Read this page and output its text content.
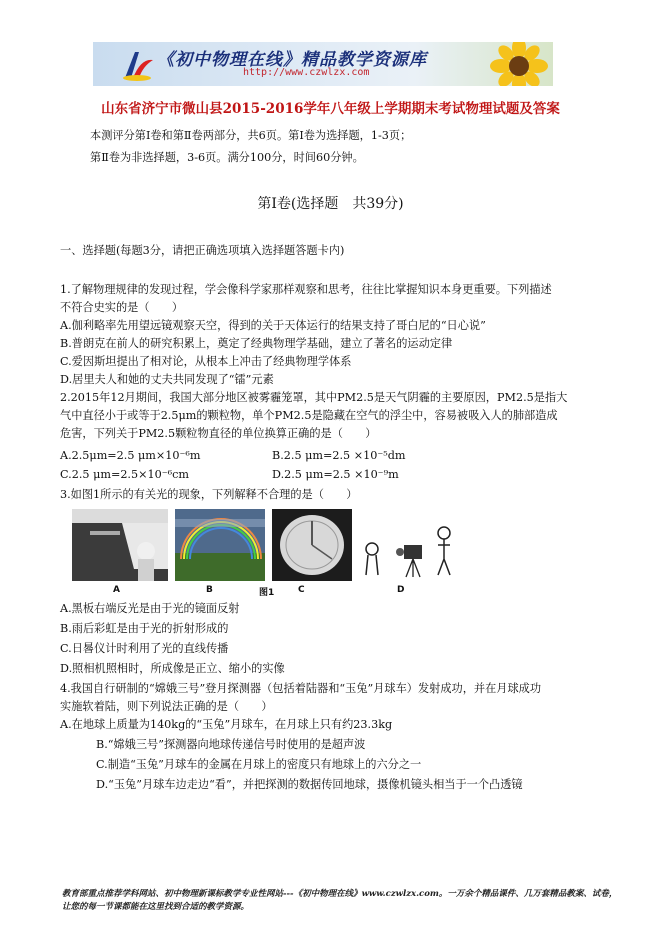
《初中物理在线》精品教学资源库
http://www.czwlzx.com
山东省济宁市微山县2015-2016学年八年级上学期期末考试物理试题及答案
本测评分第Ⅰ卷和第Ⅱ卷两部分，共6页。第Ⅰ卷为选择题，1-3页；
第Ⅱ卷为非选择题，3-6页。满分100分，时间60分钟。
第Ⅰ卷(选择题　共39分)
一、选择题(每题3分，请把正确选项填入选择题答题卡内)
1.了解物理规律的发现过程，学会像科学家那样观察和思考，往往比掌握知识本身更重要。下列描述
不符合史实的是（　　）
A.伽利略率先用望远镜观察天空，得到的关于天体运行的结果支持了哥白尼的“日心说”
B.普朗克在前人的研究积累上，奠定了经典物理学基础，建立了著名的运动定律
C.爱因斯坦提出了相对论，从根本上冲击了经典物理学体系
D.居里夫人和她的丈夫共同发现了“镭”元素
2.2015年12月期间，我国大部分地区被雾霾笼罩，其中PM2.5是天气阴霾的主要原因，PM2.5是指大
气中直径小于或等于2.5μm的颗粒物，单个PM2.5是隐藏在空气的浮尘中，容易被吸入人的肺部造成
危害，下列关于PM2.5颗粒物直径的单位换算正确的是（　　）
A.2.5μm=2.5 μm×10⁻⁶m	B.2.5 μm=2.5 ×10⁻⁵dm
C.2.5 μm=2.5×10⁻⁶cm	D.2.5 μm=2.5 ×10⁻⁹m
3.如图1所示的有关光的现象，下列解释不合理的是（　　）
A	B	图1	C	D
A.黑板右端反光是由于光的镜面反射
B.雨后彩虹是由于光的折射形成的
C.日晷仪计时利用了光的直线传播
D.照相机照相时，所成像是正立、缩小的实像
4.我国自行研制的“嫦娥三号”登月探测器（包括着陆器和“玉兔”月球车）发射成功，并在月球成功
实施软着陆，则下列说法正确的是（　　）
A.在地球上质量为140kg的“玉兔”月球车，在月球上只有约23.3kg
B.“嫦娥三号”探测器向地球传递信号时使用的是超声波
C.制造“玉兔”月球车的金属在月球上的密度只有地球上的六分之一
D.“玉兔”月球车边走边“看”，并把探测的数据传回地球，摄像机镜头相当于一个凸透镜
教育部重点推荐学科网站、初中物理新课标教学专业性网站---《初中物理在线》www.czwlzx.com。一万余个精品课件、几万套精品教案、试卷，让您的每一节课都能在这里找到合适的教学资源。
